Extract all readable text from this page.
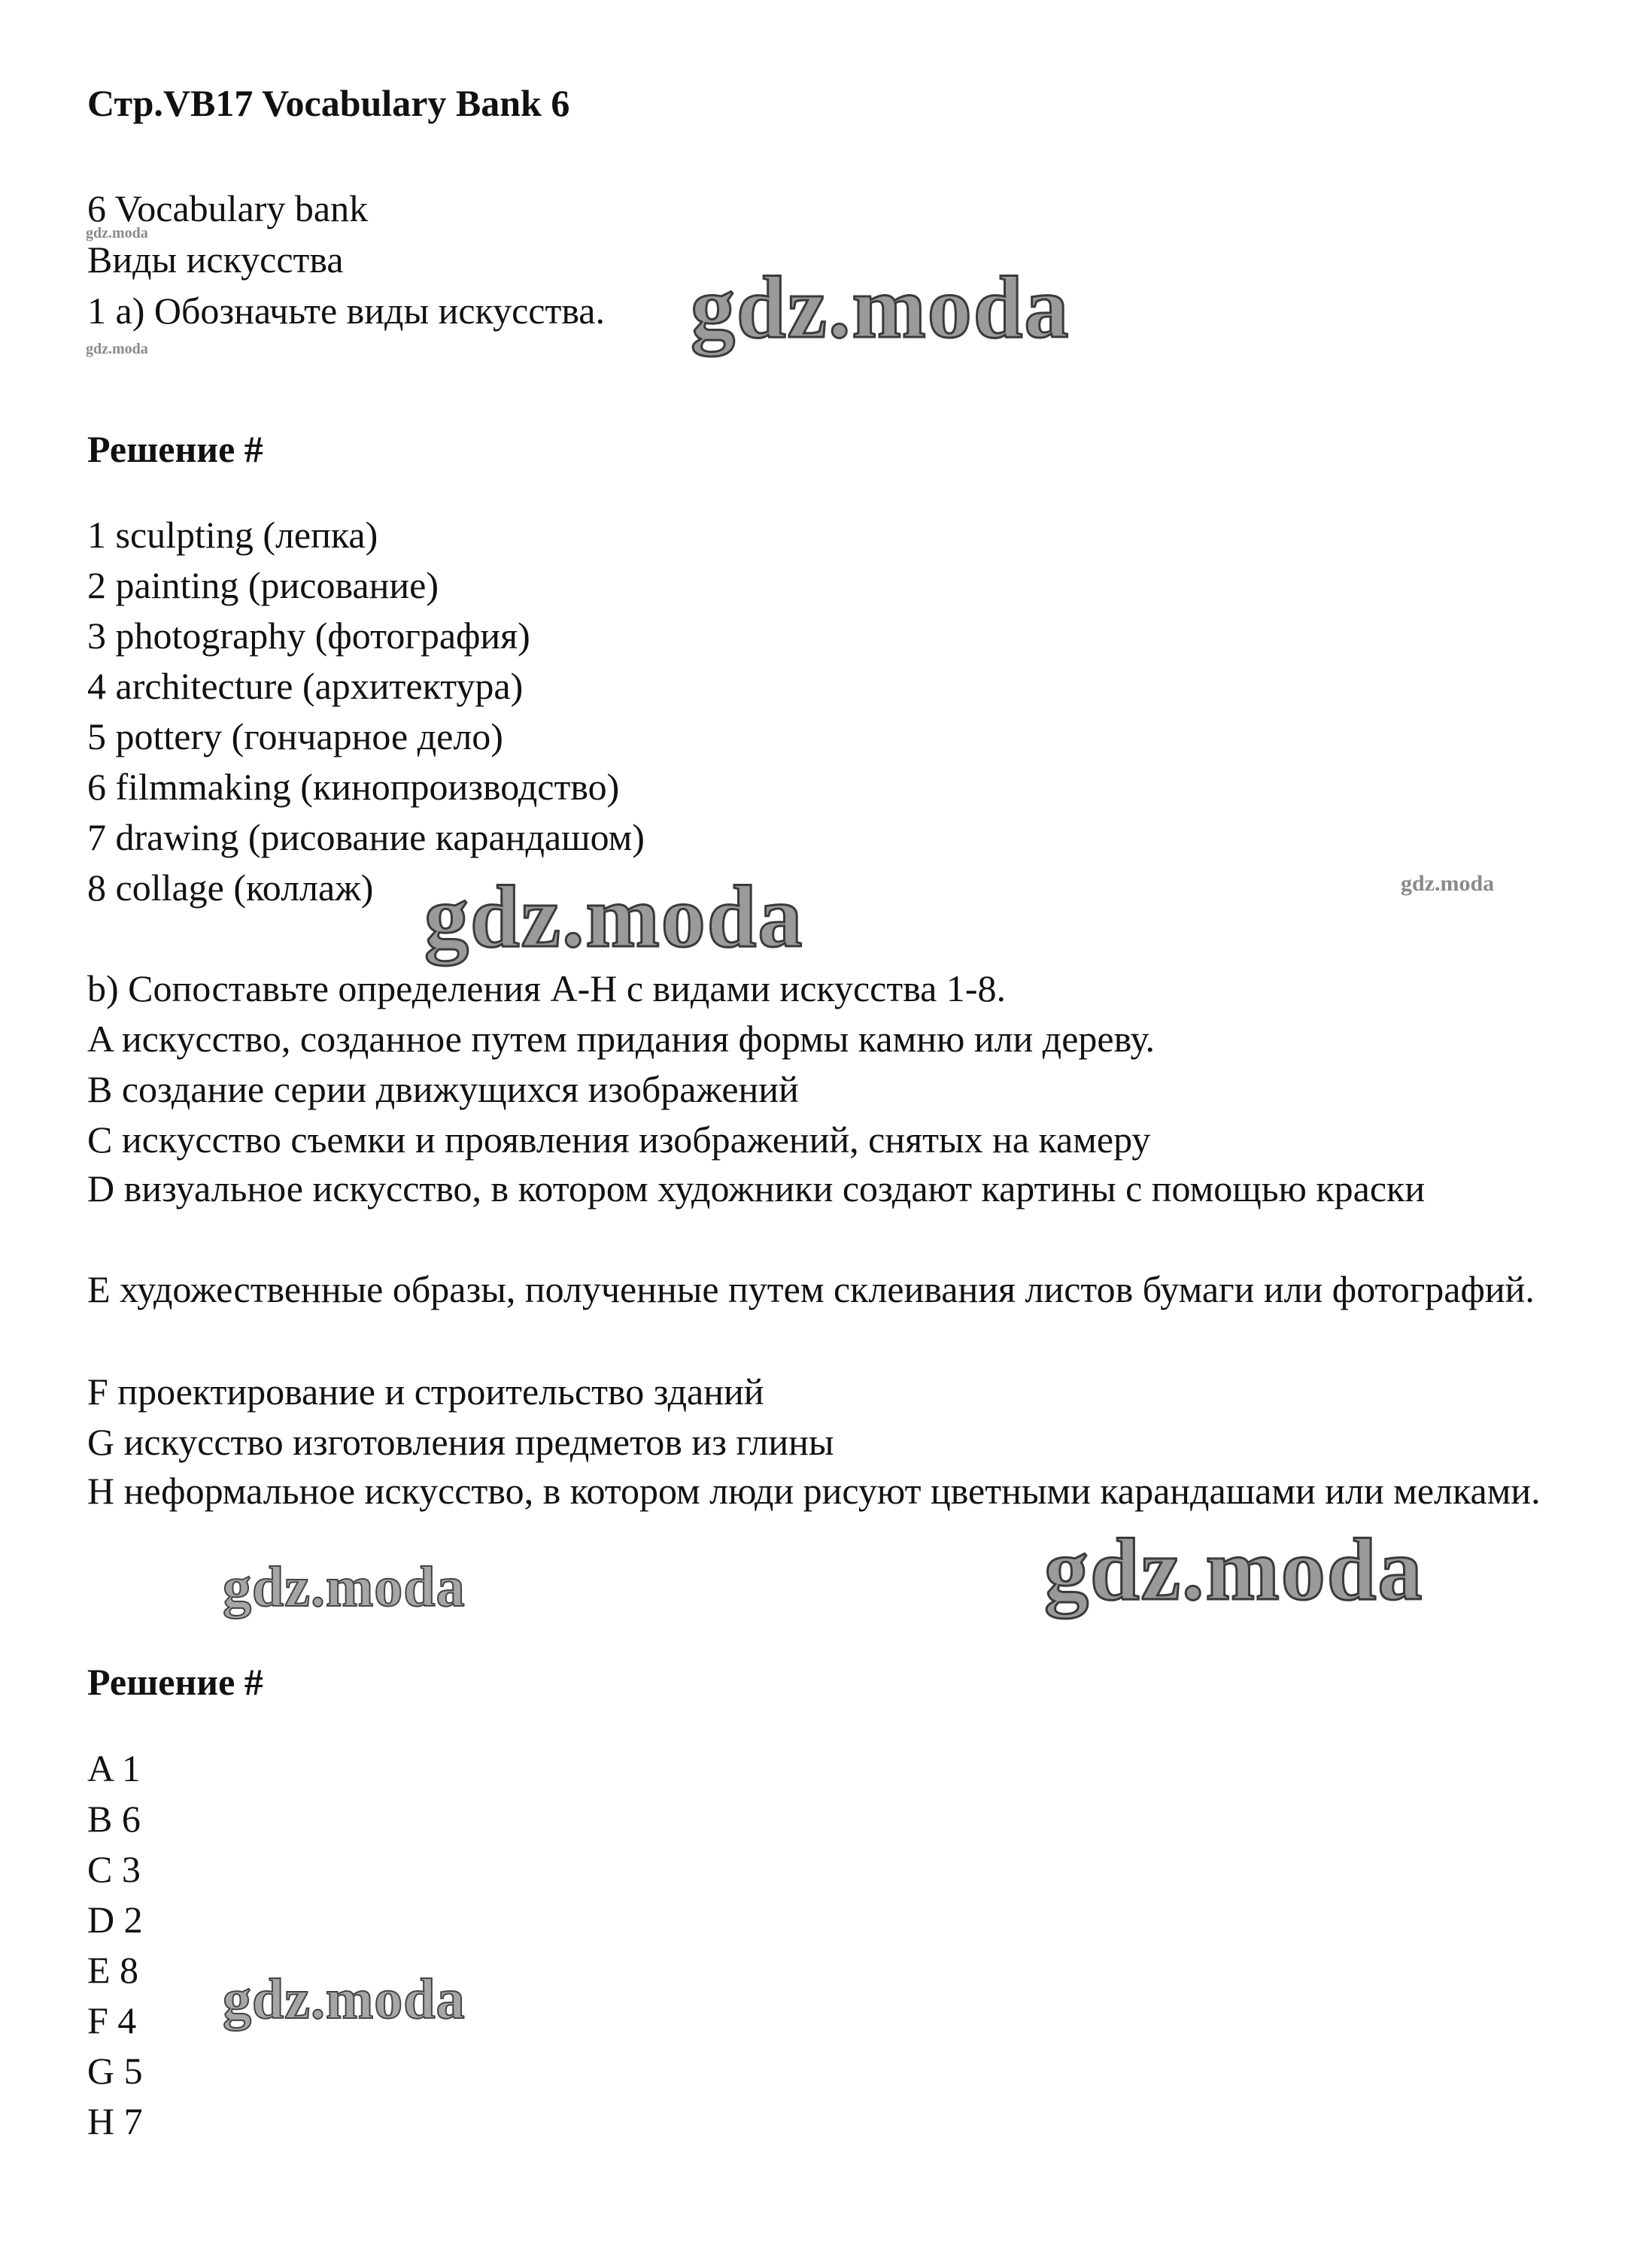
Стр.VB17 Vocabulary Bank 6
6 Vocabulary bank
Виды искусства
1 a) Обозначьте виды искусства.
Решение #
1 sculpting (лепка)
2 painting (рисование)
3 photography (фотография)
4 architecture (архитектура)
5 pottery (гончарное дело)
6 filmmaking (кинопроизводство)
7 drawing (рисование карандашом)
8 collage (коллаж)
b) Сопоставьте определения A-H с видами искусства 1-8.
A искусство, созданное путем придания формы камню или дереву.
B создание серии движущихся изображений
C искусство съемки и проявления изображений, снятых на камеру
D визуальное искусство, в котором художники создают картины с помощью краски
E художественные образы, полученные путем склеивания листов бумаги или фотографий.
F проектирование и строительство зданий
G искусство изготовления предметов из глины
H неформальное искусство, в котором люди рисуют цветными карандашами или мелками.
Решение #
A 1
B 6
C 3
D 2
E 8
F 4
G 5
H 7
gdz.moda
gdz.moda	gdz.moda
gdz.moda	gdz.moda
gdz.moda	gdz.moda
gdz.moda
